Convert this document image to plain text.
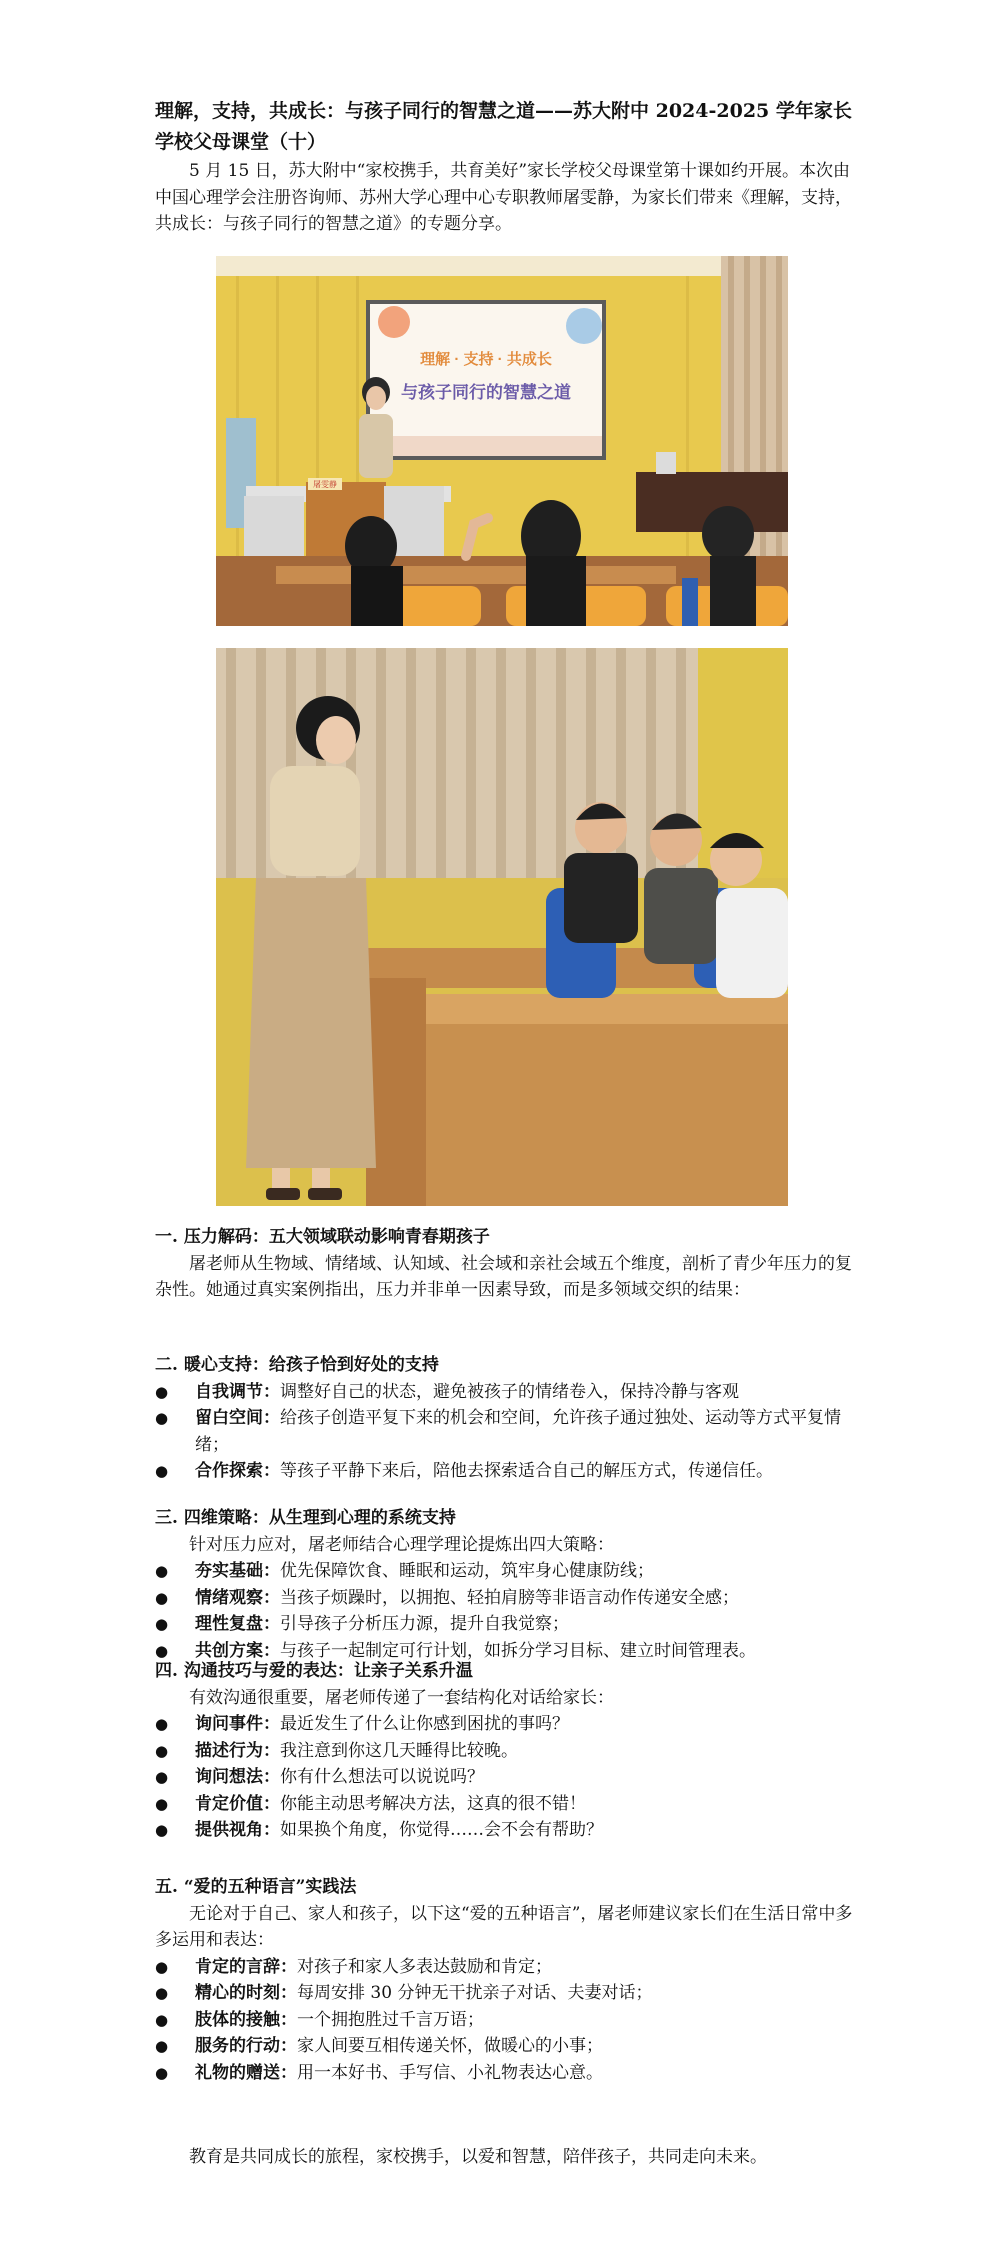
理解，支持，共成长：与孩子同行的智慧之道——苏大附中 2024-2025 学年家长学校父母课堂（十）
5 月 15 日，苏大附中“家校携手，共育美好”家长学校父母课堂第十课如约开展。本次由中国心理学会注册咨询师、苏州大学心理中心专职教师屠雯静，为家长们带来《理解，支持，共成长：与孩子同行的智慧之道》的专题分享。
理解 · 支持 · 共成长
与孩子同行的智慧之道
屠雯静
一. 压力解码：五大领域联动影响青春期孩子

屠老师从生物域、情绪域、认知域、社会域和亲社会域五个维度，剖析了青少年压力的复杂性。她通过真实案例指出，压力并非单一因素导致，而是多领域交织的结果：

二. 暖心支持：给孩子恰到好处的支持
● 自我调节：调整好自己的状态，避免被孩子的情绪卷入，保持冷静与客观
● 留白空间：给孩子创造平复下来的机会和空间，允许孩子通过独处、运动等方式平复情绪；
● 合作探索：等孩子平静下来后，陪他去探索适合自己的解压方式，传递信任。
三. 四维策略：从生理到心理的系统支持

针对压力应对，屠老师结合心理学理论提炼出四大策略：

● 夯实基础：优先保障饮食、睡眠和运动，筑牢身心健康防线；
● 情绪观察：当孩子烦躁时，以拥抱、轻拍肩膀等非语言动作传递安全感；
● 理性复盘：引导孩子分析压力源，提升自我觉察；
● 共创方案：与孩子一起制定可行计划，如拆分学习目标、建立时间管理表。
四. 沟通技巧与爱的表达：让亲子关系升温

有效沟通很重要，屠老师传递了一套结构化对话给家长：

● 询问事件：最近发生了什么让你感到困扰的事吗？
● 描述行为：我注意到你这几天睡得比较晚。
● 询问想法：你有什么想法可以说说吗？
● 肯定价值：你能主动思考解决方法，这真的很不错！
● 提供视角：如果换个角度，你觉得……会不会有帮助？
五. “爱的五种语言”实践法

无论对于自己、家人和孩子，以下这“爱的五种语言”，屠老师建议家长们在生活日常中多多运用和表达：

● 肯定的言辞：对孩子和家人多表达鼓励和肯定；
● 精心的时刻：每周安排 30 分钟无干扰亲子对话、夫妻对话；
● 肢体的接触：一个拥抱胜过千言万语；
● 服务的行动：家人间要互相传递关怀，做暖心的小事；
● 礼物的赠送：用一本好书、手写信、小礼物表达心意。
教育是共同成长的旅程，家校携手，以爱和智慧，陪伴孩子，共同走向未来。
